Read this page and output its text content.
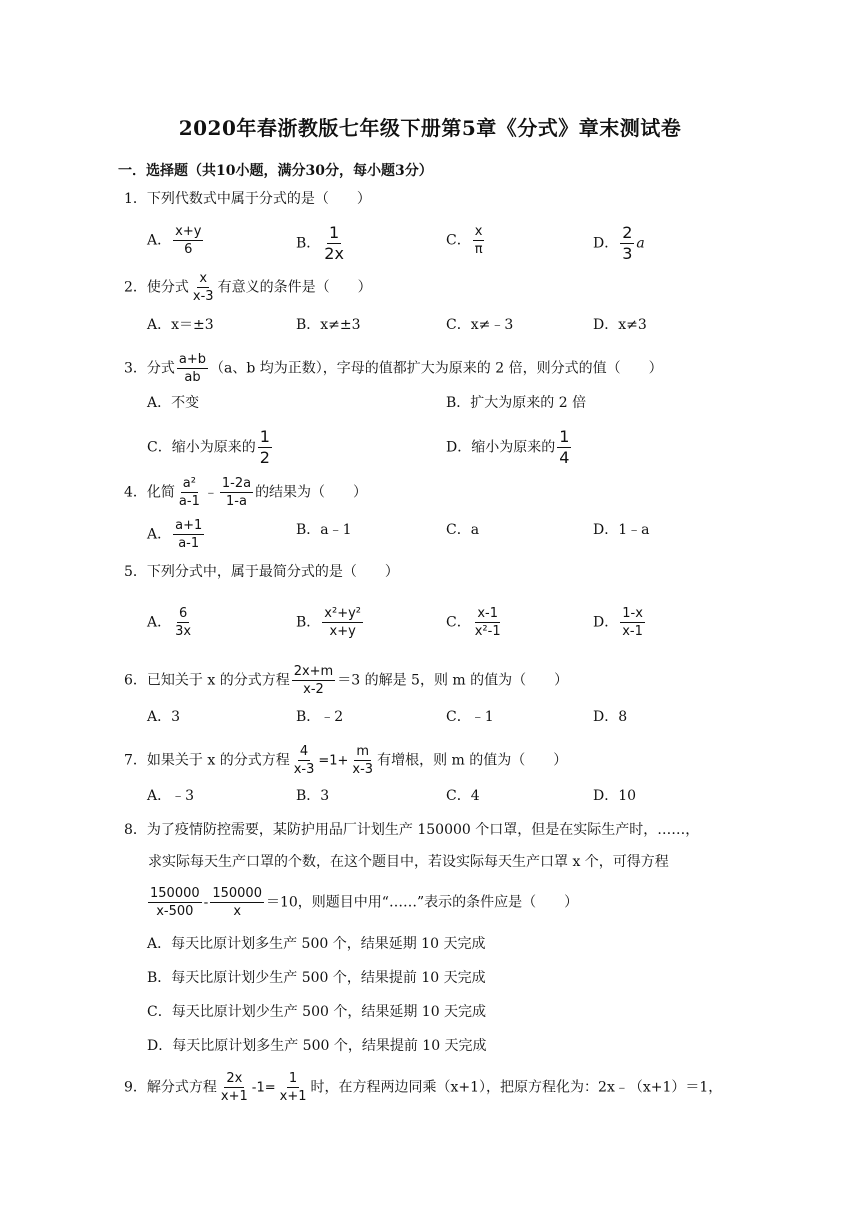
2020年春浙教版七年级下册第5章《分式》章末测试卷
一．选择题（共10小题，满分30分，每小题3分）
1．下列代数式中属于分式的是（　　）
A． $\frac{x+y}{6}$	B． $\frac{1}{2x}$	C． $\frac{x}{\pi}$	D． $\frac{2}{3}$ a
2．使分式 $\frac{x}{x-3}$ 有意义的条件是（　　）
A．x＝±3	B．x≠±3	C．x≠﹣3	D．x≠3
3．分式 $\frac{a+b}{ab} (a$、b 均为正数），字母的值都扩大为原来的 2 倍，则分式的值（　　）
A．不变	B．扩大为原来的 2 倍
C．缩小为原来的 $\frac{1}{2}$	D．缩小为原来的 $\frac{1}{4}$
4．化简 $\frac{\text{a²}}{a-1}$ ﹣ $\frac{1-2a}{1-a}$ 的结果为（　　）
A． $\frac{a+1}{a-1}$	B．a﹣1	C．a	D．1﹣a
5．下列分式中，属于最简分式的是（　　）
A． $\frac{6}{3x}$	B． $\frac{\text{x²+y²}}{x+y}$	C． $\frac{x-1}{\text{x²-1}}$	D． $\frac{1-x}{x-1}$
6．已知关于 x 的分式方程 $\frac{2x+m}{x-2} =3$ 的解是 5，则 m 的值为（　　）
A．3	B．﹣2	C．﹣1	D．8
7．如果关于 x 的分式方程 $\frac{4}{x-3} =1+ \frac{m}{x-3}$ 有增根，则 m 的值为（　　）
A．﹣3	B．3	C．4	D．10
8．为了疫情防控需要，某防护用品厂计划生产 150000 个口罩，但是在实际生产时，……，
求实际每天生产口罩的个数，在这个题目中，若设实际每天生产口罩 x 个，可得方程
$\frac{150000}{x-500} - \frac{150000}{x} =10$，则题目中用“……”表示的条件应是（　　）
A．每天比原计划多生产 500 个，结果延期 10 天完成
B．每天比原计划少生产 500 个，结果提前 10 天完成
C．每天比原计划少生产 500 个，结果延期 10 天完成
D．每天比原计划多生产 500 个，结果提前 10 天完成
9．解分式方程 $\frac{2x}{x+1} -1= \frac{1}{x+1}$ 时，在方程两边同乘（x+1），把原方程化为：2x﹣（x+1）＝1，
